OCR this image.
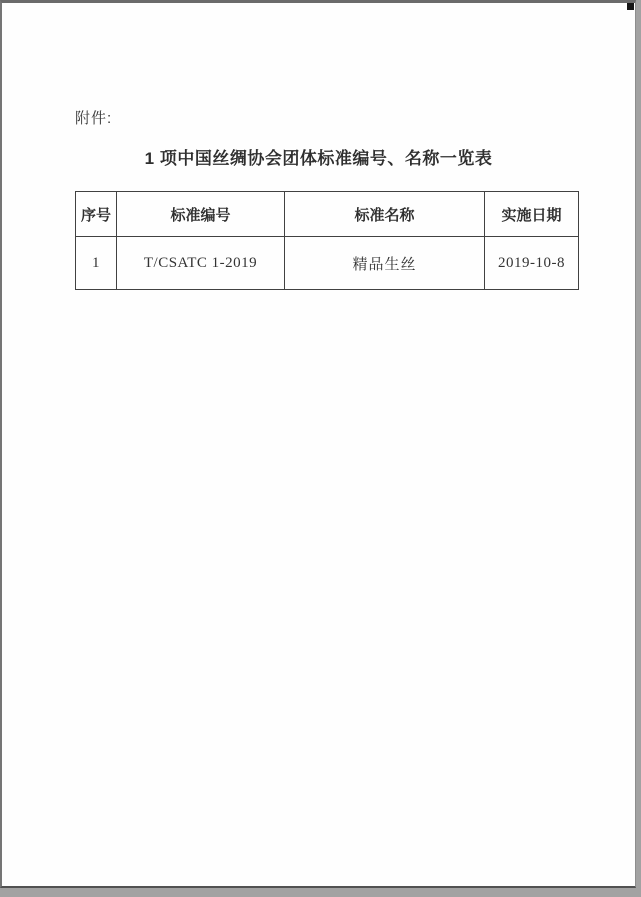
附件:
1 项中国丝绸协会团体标准编号、名称一览表
序号	标准编号	标准名称	实施日期
1	T/CSATC 1-2019	精品生丝	2019-10-8
